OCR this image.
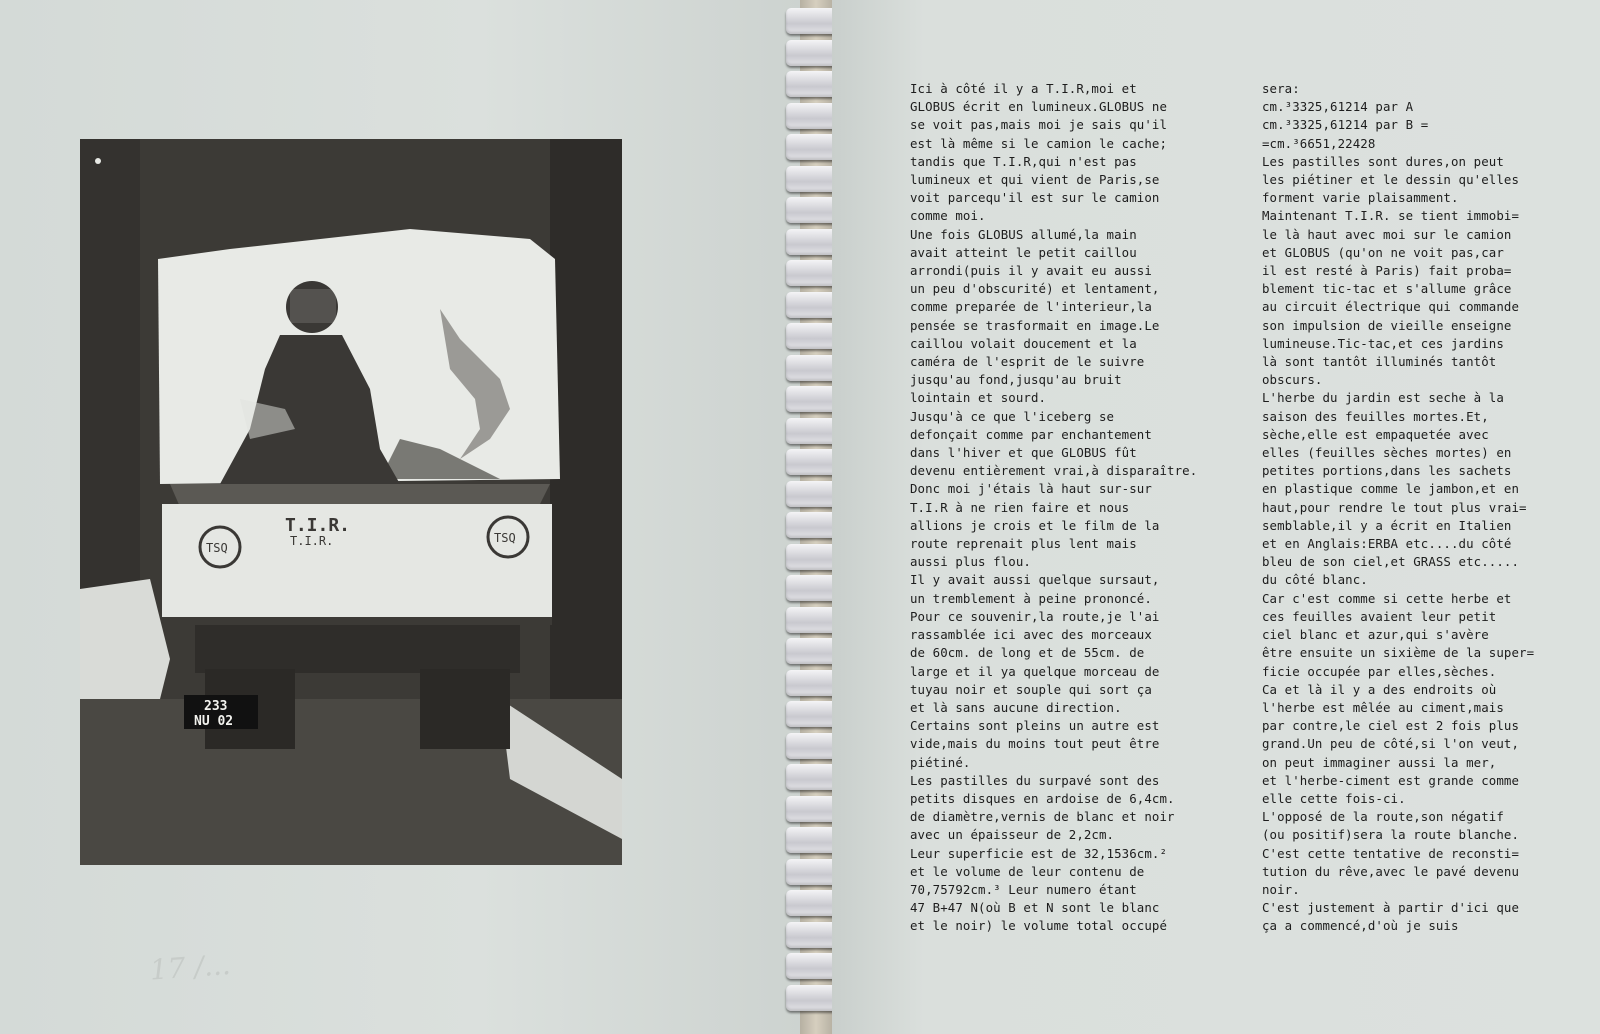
T.I.R.
T.I.R.
TSQ
TSQ
233
NU 02
17 /...
Ici à côté il y a T.I.R,moi et
GLOBUS écrit en lumineux.GLOBUS ne
se voit pas,mais moi je sais qu'il
est là même si le camion le cache;
tandis que T.I.R,qui n'est pas
lumineux et qui vient de Paris,se
voit parcequ'il est sur le camion
comme moi.
Une fois GLOBUS allumé,la main
avait atteint le petit caillou
arrondi(puis il y avait eu aussi
un peu d'obscurité) et lentament,
comme preparée de l'interieur,la
pensée se trasformait en image.Le
caillou volait doucement et la
caméra de l'esprit de le suivre
jusqu'au fond,jusqu'au bruit
lointain et sourd.
Jusqu'à ce que l'iceberg se
defonçait comme par enchantement
dans l'hiver et que GLOBUS fût
devenu entièrement vrai,à disparaître.
Donc moi j'étais là haut sur-sur
T.I.R à ne rien faire et nous
allions je crois et le film de la
route reprenait plus lent mais
aussi plus flou.
Il y avait aussi quelque sursaut,
un tremblement à peine prononcé.
Pour ce souvenir,la route,je l'ai
rassamblée ici avec des morceaux
de 60cm. de long et de 55cm. de
large et il ya quelque morceau de
tuyau noir et souple qui sort ça
et là sans aucune direction.
Certains sont pleins un autre est
vide,mais du moins tout peut être
piétiné.
Les pastilles du surpavé sont des
petits disques en ardoise de 6,4cm.
de diamètre,vernis de blanc et noir
avec un épaisseur de 2,2cm.
Leur superficie est de 32,1536cm.²
et le volume de leur contenu de
70,75792cm.³ Leur numero étant
47 B+47 N(où B et N sont le blanc
et le noir) le volume total occupé

sera:
cm.³3325,61214 par A
cm.³3325,61214 par B =
=cm.³6651,22428
Les pastilles sont dures,on peut
les piétiner et le dessin qu'elles
forment varie plaisamment.
Maintenant T.I.R. se tient immobi=
le là haut avec moi sur le camion
et GLOBUS (qu'on ne voit pas,car
il est resté à Paris) fait proba=
blement tic-tac et s'allume grâce
au circuit électrique qui commande
son impulsion de vieille enseigne
lumineuse.Tic-tac,et ces jardins
là sont tantôt illuminés tantôt
obscurs.
L'herbe du jardin est seche à la
saison des feuilles mortes.Et,
sèche,elle est empaquetée avec
elles (feuilles sèches mortes) en
petites portions,dans les sachets
en plastique comme le jambon,et en
haut,pour rendre le tout plus vrai=
semblable,il y a écrit en Italien
et en Anglais:ERBA etc....du côté
bleu de son ciel,et GRASS etc.....
du côté blanc.
Car c'est comme si cette herbe et
ces feuilles avaient leur petit
ciel blanc et azur,qui s'avère
être ensuite un sixième de la super=
ficie occupée par elles,sèches.
Ca et là il y a des endroits où
l'herbe est mêlée au ciment,mais
par contre,le ciel est 2 fois plus
grand.Un peu de côté,si l'on veut,
on peut immaginer aussi la mer,
et l'herbe-ciment est grande comme
elle cette fois-ci.
L'opposé de la route,son négatif
(ou positif)sera la route blanche.
C'est cette tentative de reconsti=
tution du rêve,avec le pavé devenu
noir.
C'est justement à partir d'ici que
ça a commencé,d'où je suis
